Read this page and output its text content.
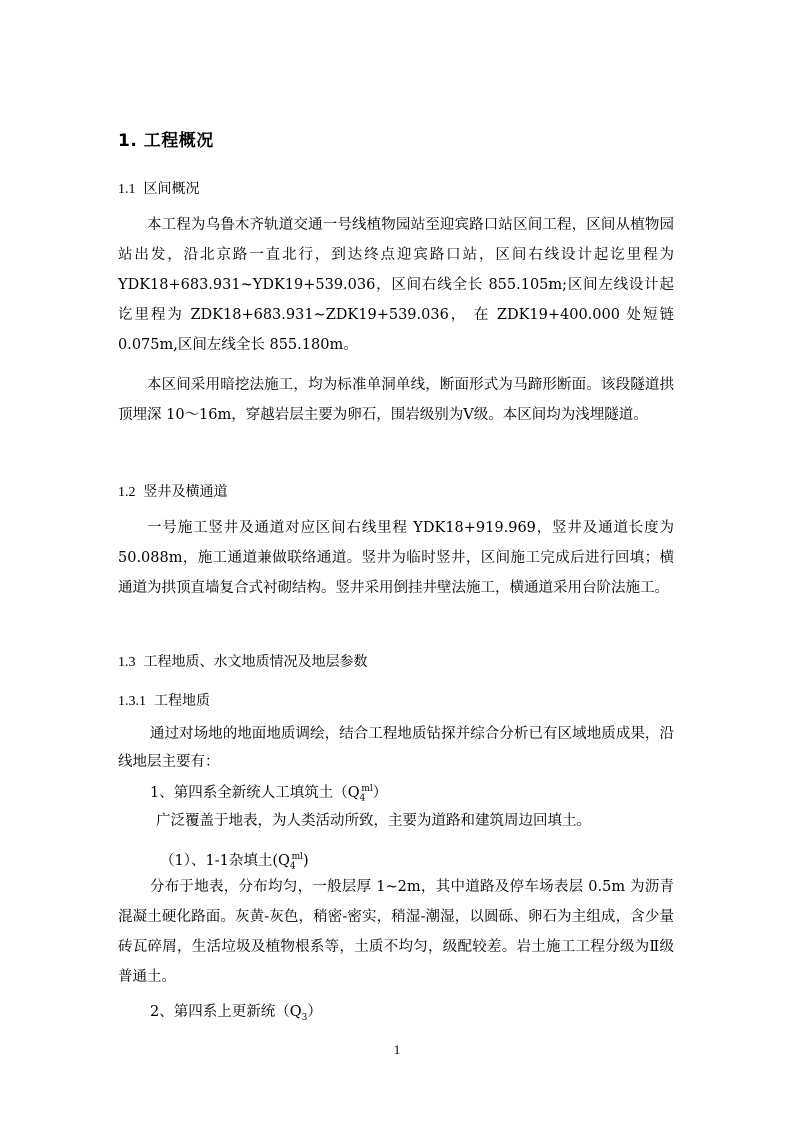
1. 工程概况
1.1 区间概况
本工程为乌鲁木齐轨道交通一号线植物园站至迎宾路口站区间工程，区间从植物园站出发，沿北京路一直北行，到达终点迎宾路口站，区间右线设计起讫里程为 YDK18+683.931~YDK19+539.036，区间右线全长 855.105m;区间左线设计起讫里程为 ZDK18+683.931~ZDK19+539.036， 在 ZDK19+400.000 处短链 0.075m,区间左线全长 855.180m。
本区间采用暗挖法施工，均为标准单洞单线，断面形式为马蹄形断面。该段隧道拱顶埋深 10～16m，穿越岩层主要为卵石，围岩级别为Ⅴ级。本区间均为浅埋隧道。
1.2 竖井及横通道
一号施工竖井及通道对应区间右线里程 YDK18+919.969，竖井及通道长度为 50.088m，施工通道兼做联络通道。竖井为临时竖井，区间施工完成后进行回填；横通道为拱顶直墙复合式衬砌结构。竖井采用倒挂井壁法施工，横通道采用台阶法施工。
1.3 工程地质、水文地质情况及地层参数
1.3.1 工程地质
通过对场地的地面地质调绘，结合工程地质钻探并综合分析已有区域地质成果，沿线地层主要有：
1、第四系全新统人工填筑土$(Q_4^{ml})$
广泛覆盖于地表，为人类活动所致，主要为道路和建筑周边回填土。
（1）、1-1杂填土$(Q_4^{ml})$
分布于地表，分布均匀，一般层厚 1~2m，其中道路及停车场表层 0.5m 为沥青混凝土硬化路面。灰黄-灰色，稍密-密实，稍湿-潮湿，以圆砾、卵石为主组成，含少量砖瓦碎屑，生活垃圾及植物根系等，土质不均匀，级配较差。岩土施工工程分级为Ⅱ级普通土。
2、第四系上更新统$(Q_3)$
1
